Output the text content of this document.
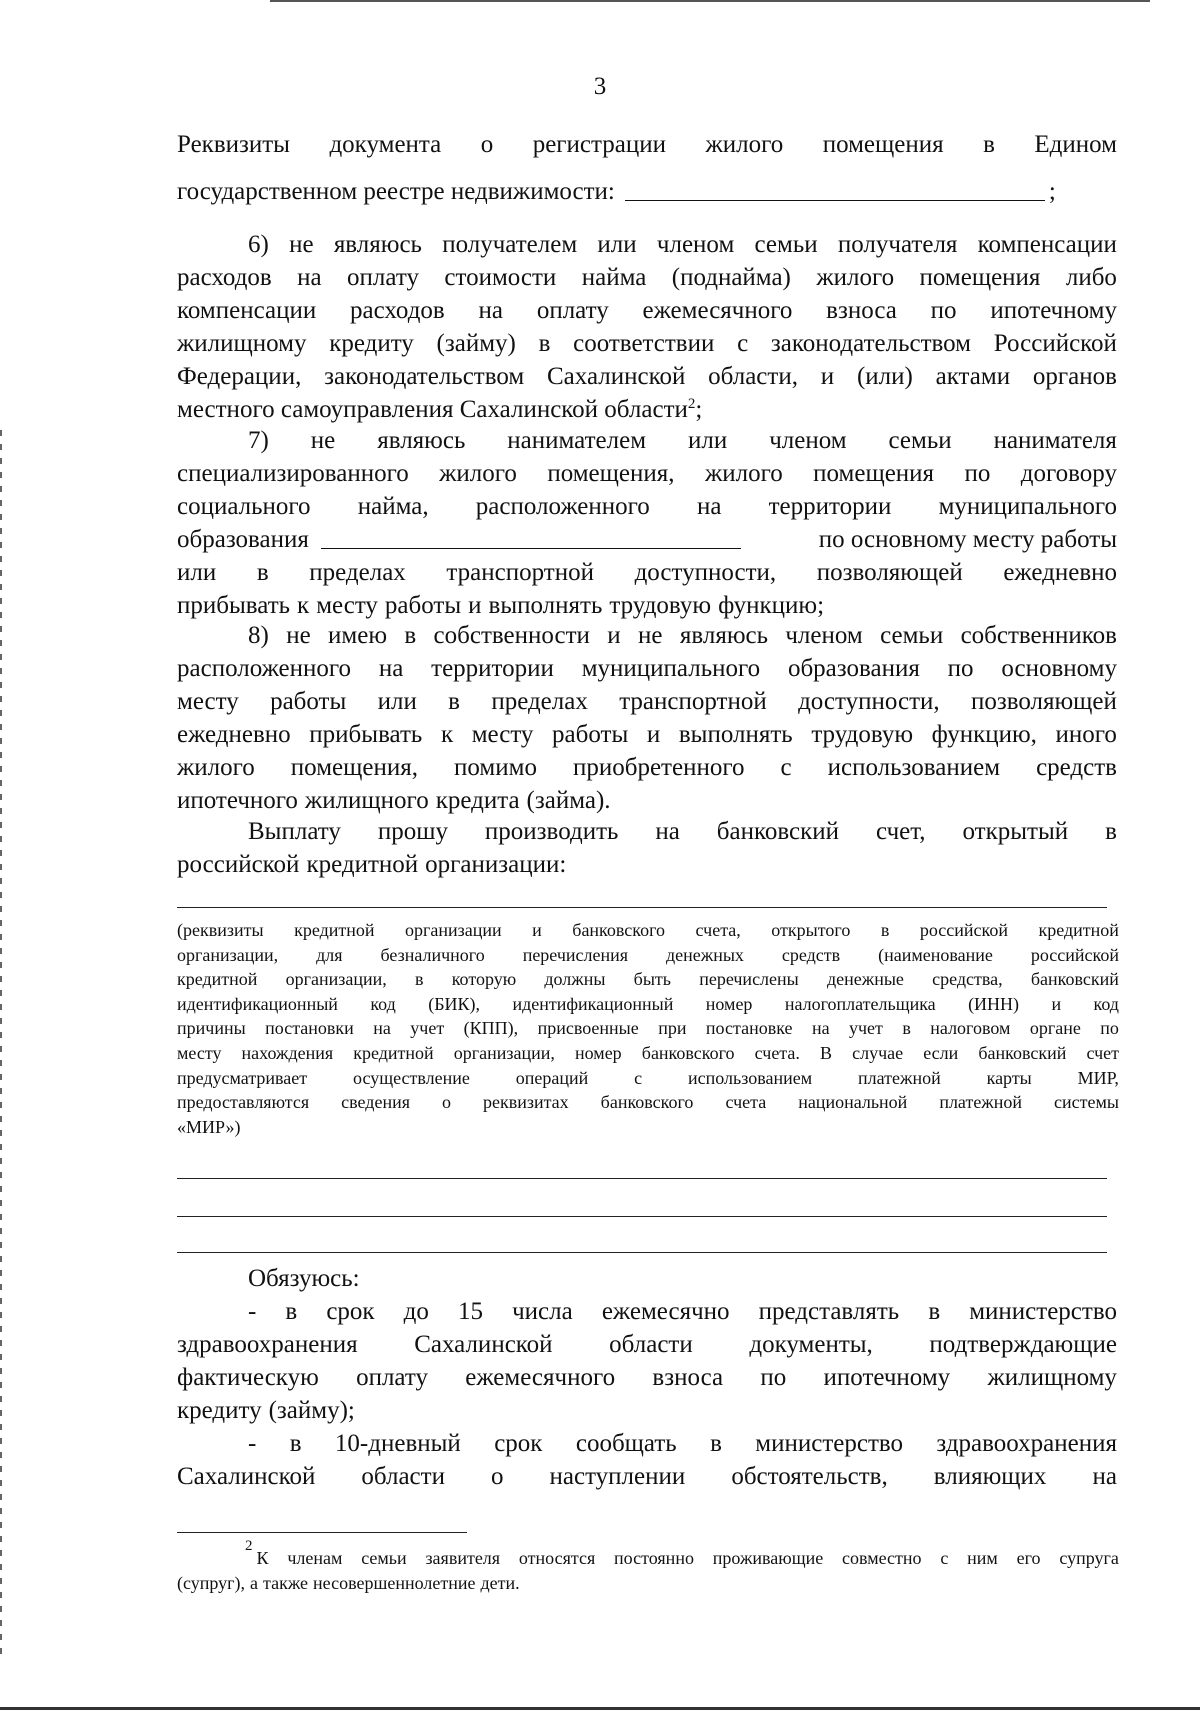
3
Реквизиты документа о регистрации жилого помещения в Едином
государственном реестре недвижимости:	;
6) не являюсь получателем или членом семьи получателя компенсации
расходов на оплату стоимости найма (поднайма) жилого помещения либо
компенсации расходов на оплату ежемесячного взноса по ипотечному
жилищному кредиту (займу) в соответствии с законодательством Российской
Федерации, законодательством Сахалинской области, и (или) актами органов
местного самоуправления Сахалинской области$^2$;
7) не являюсь нанимателем или членом семьи нанимателя
специализированного жилого помещения, жилого помещения по договору
социального найма, расположенного на территории муниципального
образования	по основному месту работы
или в пределах транспортной доступности, позволяющей ежедневно
прибывать к месту работы и выполнять трудовую функцию;
8) не имею в собственности и не являюсь членом семьи собственников
расположенного на территории муниципального образования по основному
месту работы или в пределах транспортной доступности, позволяющей
ежедневно прибывать к месту работы и выполнять трудовую функцию, иного
жилого помещения, помимо приобретенного с использованием средств
ипотечного жилищного кредита (займа).
Выплату прошу производить на банковский счет, открытый в
российской кредитной организации:
(реквизиты кредитной организации и банковского счета, открытого в российской кредитной
организации, для безналичного перечисления денежных средств (наименование российской
кредитной организации, в которую должны быть перечислены денежные средства, банковский
идентификационный код (БИК), идентификационный номер налогоплательщика (ИНН) и код
причины постановки на учет (КПП), присвоенные при постановке на учет в налоговом органе по
месту нахождения кредитной организации, номер банковского счета. В случае если банковский счет
предусматривает	осуществление	операций	с	использованием	платежной	карты	МИР,
предоставляются сведения о реквизитах банковского счета национальной платежной системы
«МИР»)
Обязуюсь:
- в срок до 15 числа ежемесячно представлять в министерство
здравоохранения Сахалинской области документы, подтверждающие
фактическую оплату ежемесячного взноса по ипотечному жилищному
кредиту (займу);
- в 10-дневный срок сообщать в министерство здравоохранения
Сахалинской области о наступлении обстоятельств, влияющих на
2
К членам семьи заявителя относятся постоянно проживающие совместно с ним его супруга
(супруг), а также несовершеннолетние дети.
